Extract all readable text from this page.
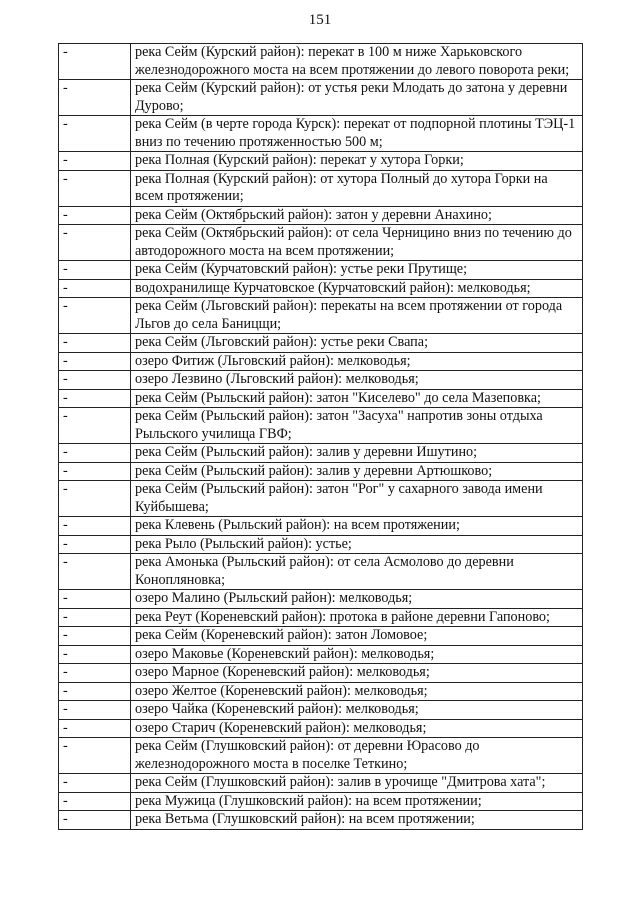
151
-	река Сейм (Курский район): перекат в 100 м ниже Харьковского железнодорожного моста на всем протяжении до левого поворота реки;
-	река Сейм (Курский район): от устья реки Млодать до затона у деревни Дурово;
-	река Сейм (в черте города Курск): перекат от подпорной плотины ТЭЦ-1 вниз по течению протяженностью 500 м;
-	река Полная (Курский район): перекат у хутора Горки;
-	река Полная (Курский район): от хутора Полный до хутора Горки на всем протяжении;
-	река Сейм (Октябрьский район): затон у деревни Анахино;
-	река Сейм (Октябрьский район): от села Черницино вниз по течению до автодорожного моста на всем протяжении;
-	река Сейм (Курчатовский район): устье реки Прутище;
-	водохранилище Курчатовское (Курчатовский район): мелководья;
-	река Сейм (Льговский район): перекаты на всем протяжении от города Льгов до села Баницщи;
-	река Сейм (Льговский район): устье реки Свапа;
-	озеро Фитиж (Льговский район): мелководья;
-	озеро Лезвино (Льговский район): мелководья;
-	река Сейм (Рыльский район): затон "Киселево" до села Мазеповка;
-	река Сейм (Рыльский район): затон "Засуха" напротив зоны отдыха Рыльского училища ГВФ;
-	река Сейм (Рыльский район): залив у деревни Ишутино;
-	река Сейм (Рыльский район): залив у деревни Артюшково;
-	река Сейм (Рыльский район): затон "Рог" у сахарного завода имени Куйбышева;
-	река Клевень (Рыльский район): на всем протяжении;
-	река Рыло (Рыльский район): устье;
-	река Амонька (Рыльский район): от села Асмолово до деревни Конопляновка;
-	озеро Малино (Рыльский район): мелководья;
-	река Реут (Кореневский район): протока в районе деревни Гапоново;
-	река Сейм (Кореневский район): затон Ломовое;
-	озеро Маковье (Кореневский район): мелководья;
-	озеро Марное (Кореневский район): мелководья;
-	озеро Желтое (Кореневский район): мелководья;
-	озеро Чайка (Кореневский район): мелководья;
-	озеро Старич (Кореневский район): мелководья;
-	река Сейм (Глушковский район): от деревни Юрасово до железнодорожного моста в поселке Теткино;
-	река Сейм (Глушковский район): залив в урочище "Дмитрова хата";
-	река Мужица (Глушковский район): на всем протяжении;
-	река Ветьма (Глушковский район): на всем протяжении;
